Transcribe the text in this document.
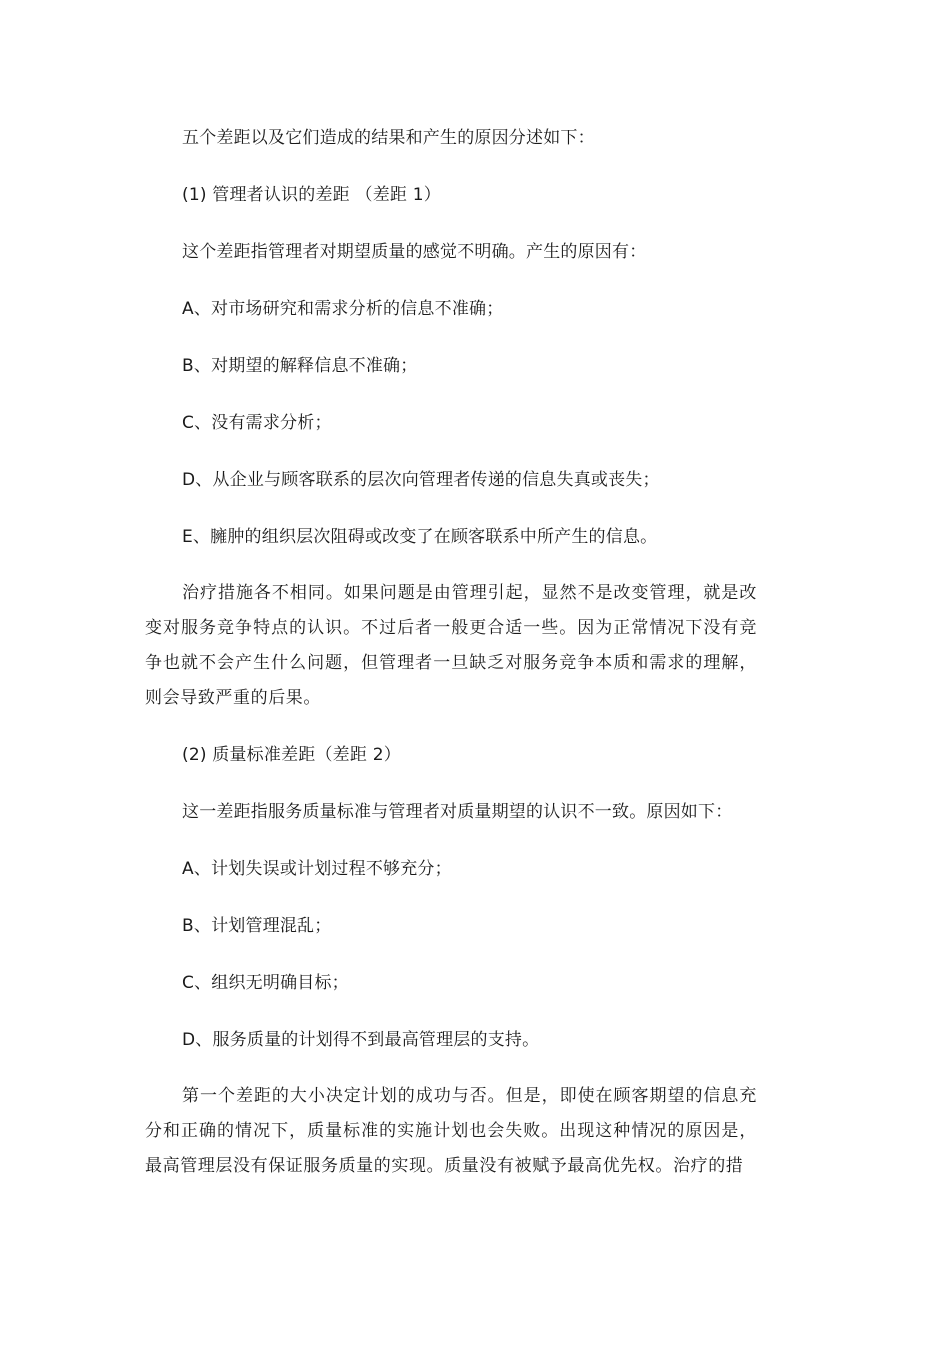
五个差距以及它们造成的结果和产生的原因分述如下：
(1) 管理者认识的差距 （差距 1）
这个差距指管理者对期望质量的感觉不明确。产生的原因有：
A、对市场研究和需求分析的信息不准确；
B、对期望的解释信息不准确；
C、没有需求分析；
D、从企业与顾客联系的层次向管理者传递的信息失真或丧失；
E、臃肿的组织层次阻碍或改变了在顾客联系中所产生的信息。
治疗措施各不相同。如果问题是由管理引起，显然不是改变管理，就是改变对服务竞争特点的认识。不过后者一般更合适一些。因为正常情况下没有竞争也就不会产生什么问题，但管理者一旦缺乏对服务竞争本质和需求的理解，则会导致严重的后果。
(2) 质量标准差距（差距 2）
这一差距指服务质量标准与管理者对质量期望的认识不一致。原因如下：
A、计划失误或计划过程不够充分；
B、计划管理混乱；
C、组织无明确目标；
D、服务质量的计划得不到最高管理层的支持。
第一个差距的大小决定计划的成功与否。但是，即使在顾客期望的信息充分和正确的情况下，质量标准的实施计划也会失败。出现这种情况的原因是，最高管理层没有保证服务质量的实现。质量没有被赋予最高优先权。治疗的措
